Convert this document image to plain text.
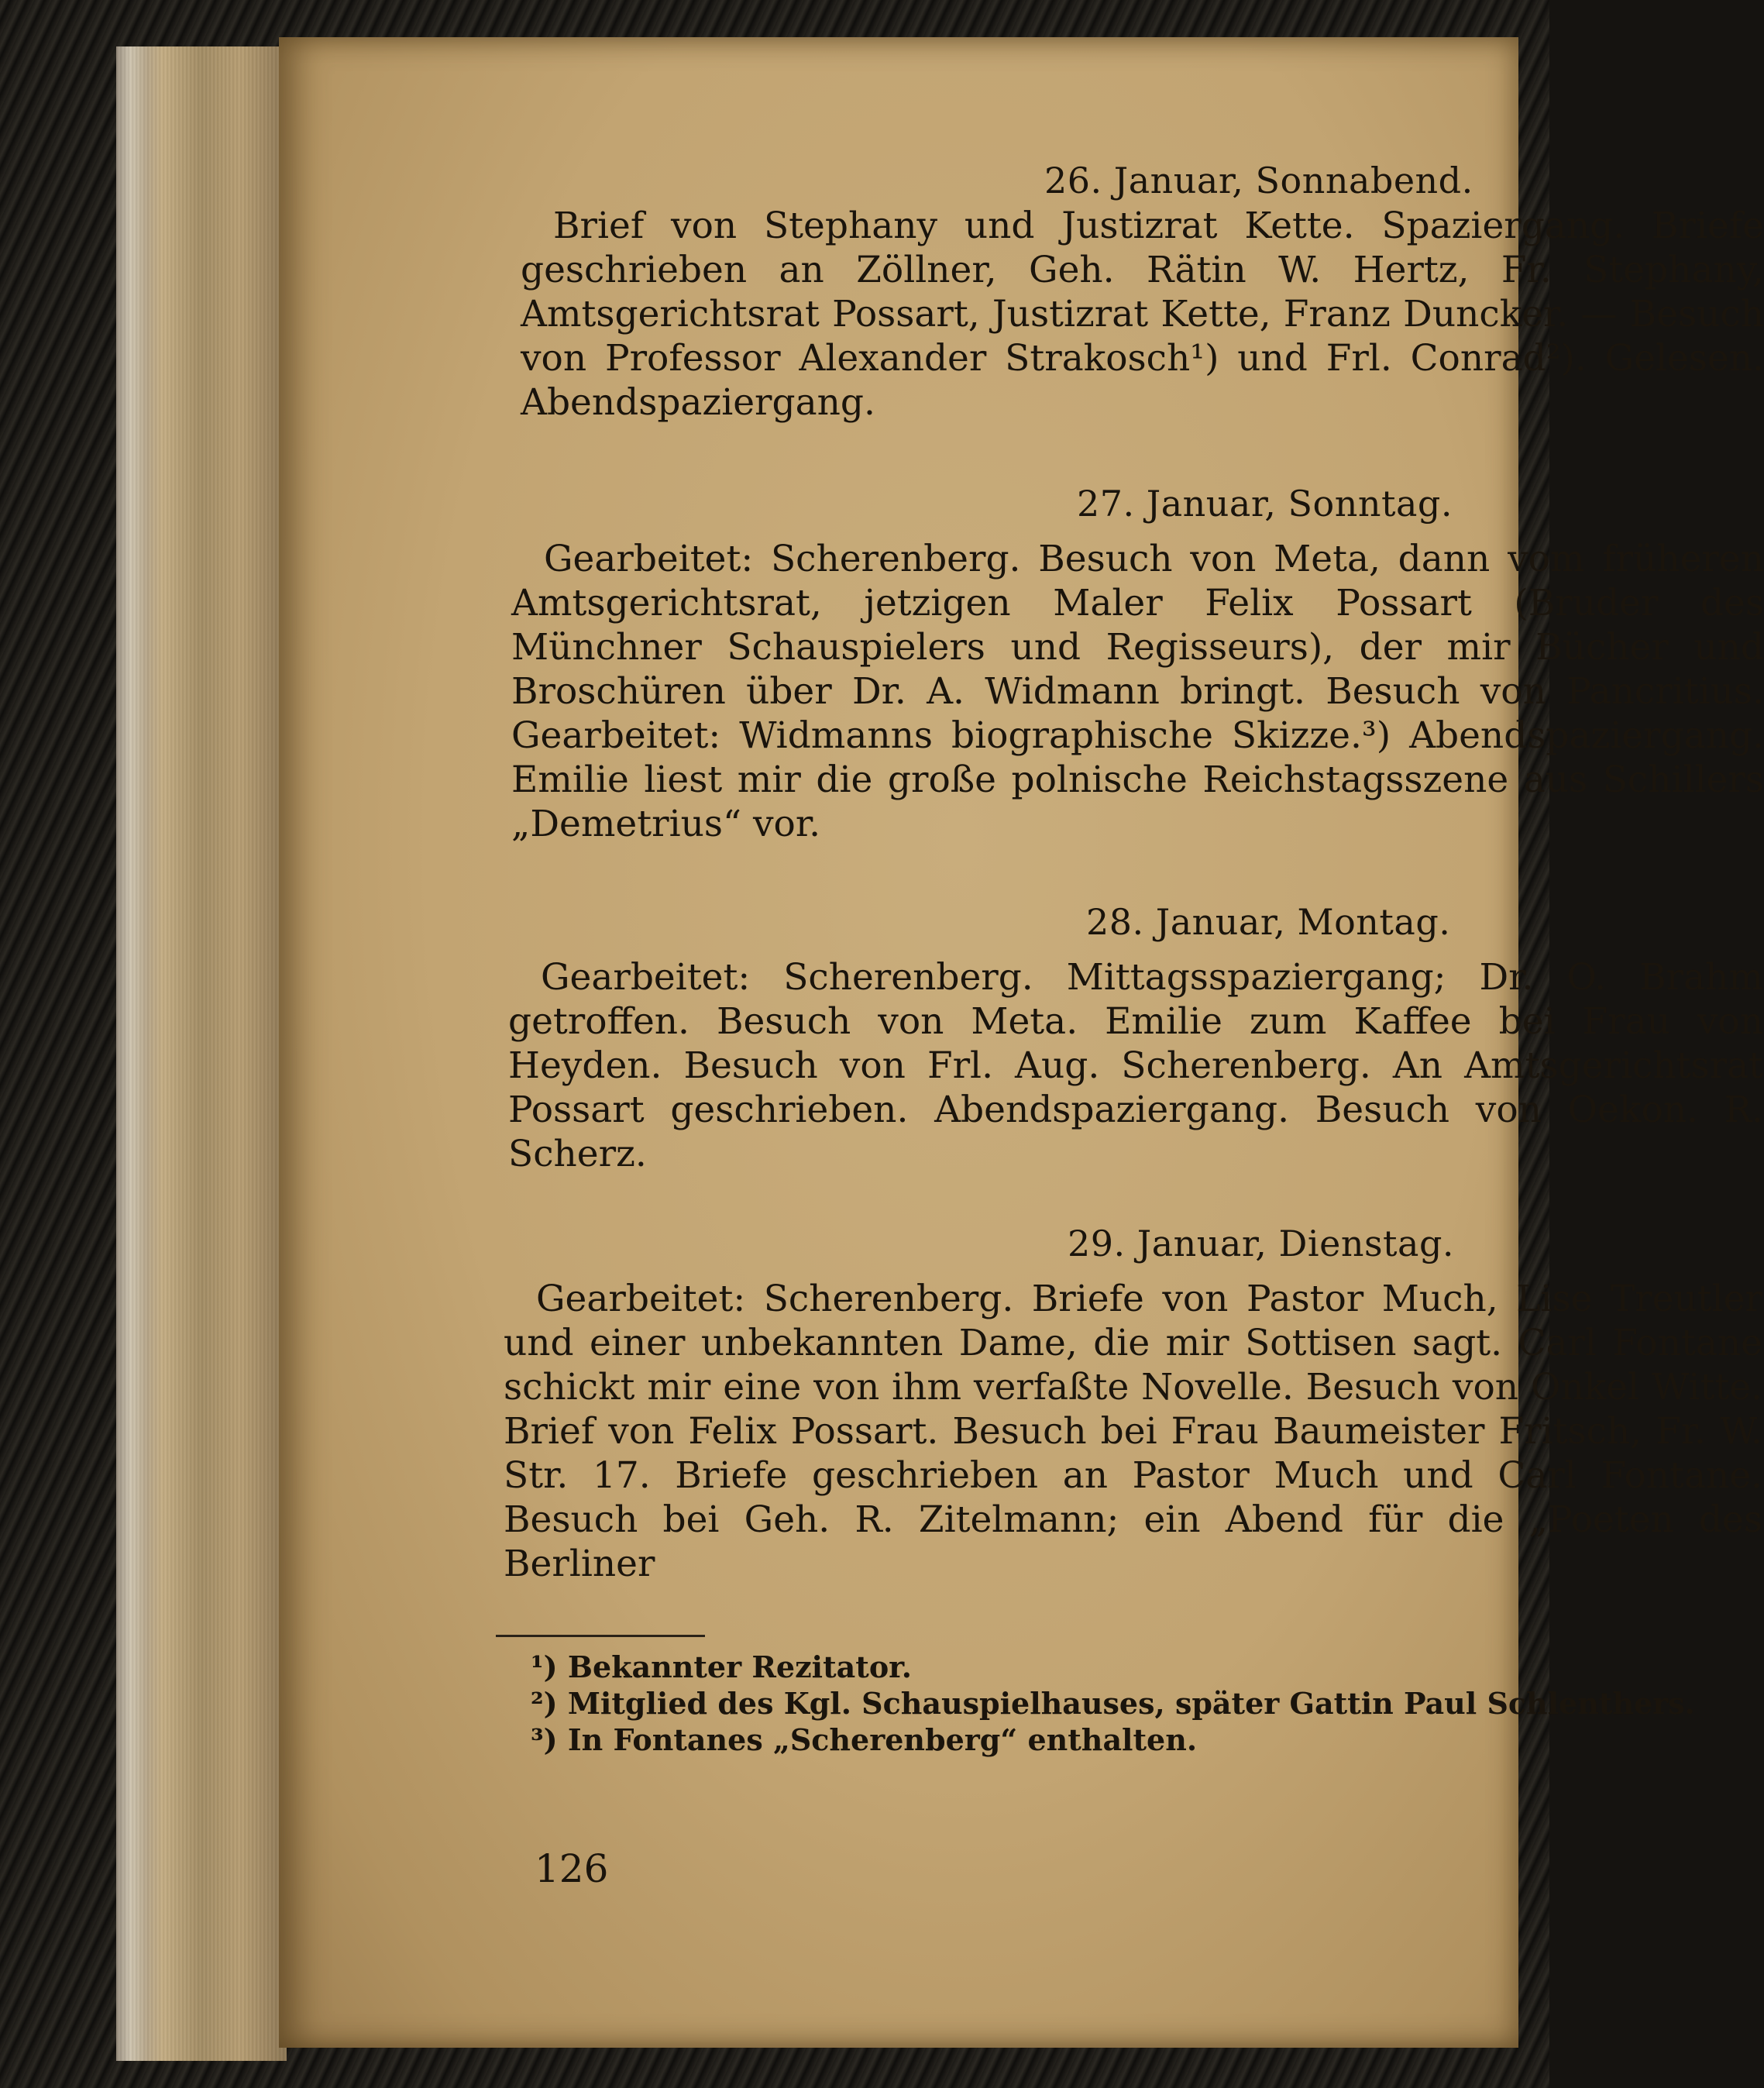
26. Januar, Sonnabend.
Brief von Stephany und Justizrat Kette. Spaziergang. Briefe geschrieben an Zöllner, Geh. Rätin W. Hertz, Fr. Stephany, Amtsgerichtsrat Possart, Justizrat Kette, Franz Duncker. — Besuch von Professor Alexander Strakosch¹) und Frl. Conrad²). Gelesen. Abendspaziergang.
27. Januar, Sonntag.
Gearbeitet: Scherenberg. Besuch von Meta, dann vom früheren Amtsgerichtsrat, jetzigen Maler Felix Possart (Bruder des Münchner Schauspielers und Regisseurs), der mir Bücher und Broschüren über Dr. A. Widmann bringt. Besuch von Pancritius. Gearbeitet: Widmanns biographische Skizze.³) Abendspaziergang. Emilie liest mir die große polnische Reichstagsszene aus Schillers „Demetrius“ vor.
28. Januar, Montag.
Gearbeitet: Scherenberg. Mittagsspaziergang; Dr. O. Brahm getroffen. Besuch von Meta. Emilie zum Kaffee bei Frau von Heyden. Besuch von Frl. Aug. Scherenberg. An Amtsgerichtsrat Possart geschrieben. Abendspaziergang. Besuch von Oekon. R. Scherz.
29. Januar, Dienstag.
Gearbeitet: Scherenberg. Briefe von Pastor Much, Lise Treutler und einer unbekannten Dame, die mir Sottisen sagt. Carl Fontane schickt mir eine von ihm verfaßte Novelle. Besuch von Onkel Witte. Brief von Felix Possart. Besuch bei Frau Baumeister Fritsch, Fr. W. Str. 17. Briefe geschrieben an Pastor Much und Carl Fontane. Besuch bei Geh. R. Zitelmann; ein Abend für die „Poeten des Berliner

¹) Bekannter Rezitator.

²) Mitglied des Kgl. Schauspielhauses, später Gattin Paul Schlenthers.

³) In Fontanes „Scherenberg“ enthalten.

126
